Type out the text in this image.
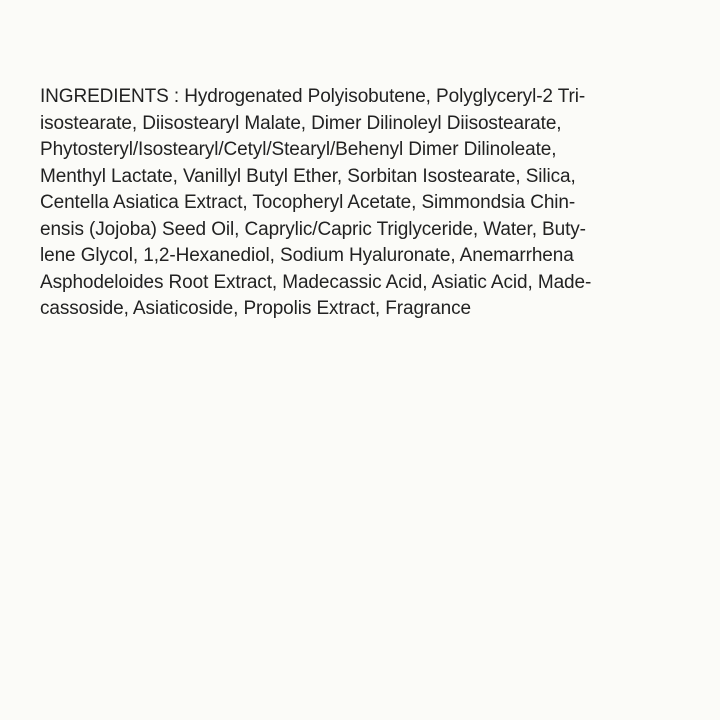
INGREDIENTS : Hydrogenated Polyisobutene, Polyglyceryl-2 Tri-
isostearate, Diisostearyl Malate, Dimer Dilinoleyl Diisostearate,
Phytosteryl/Isostearyl/Cetyl/Stearyl/Behenyl Dimer Dilinoleate,
Menthyl Lactate, Vanillyl Butyl Ether, Sorbitan Isostearate, Silica,
Centella Asiatica Extract, Tocopheryl Acetate, Simmondsia Chin-
ensis (Jojoba) Seed Oil, Caprylic/Capric Triglyceride, Water, Buty-
lene Glycol, 1,2-Hexanediol, Sodium Hyaluronate, Anemarrhena
Asphodeloides Root Extract, Madecassic Acid, Asiatic Acid, Made-
cassoside, Asiaticoside, Propolis Extract, Fragrance
